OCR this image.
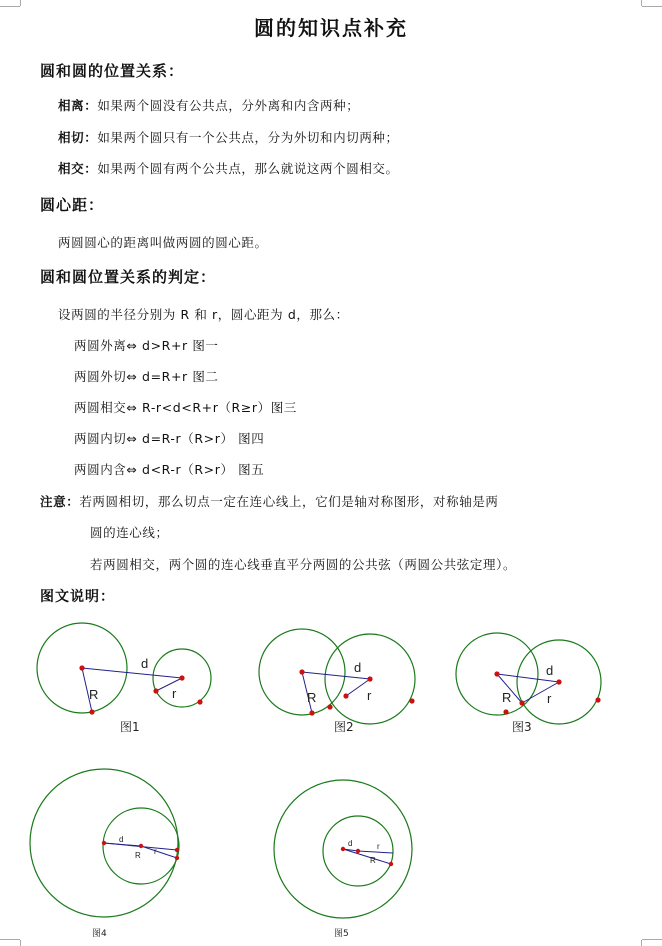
圆的知识点补充
圆和圆的位置关系：
相离：如果两个圆没有公共点，分外离和内含两种；
相切：如果两个圆只有一个公共点，分为外切和内切两种；
相交：如果两个圆有两个公共点，那么就说这两个圆相交。
圆心距：
两圆圆心的距离叫做两圆的圆心距。
圆和圆位置关系的判定：
设两圆的半径分别为 R 和 r，圆心距为 d，那么：
两圆外离⇔ d>R+r 图一
两圆外切⇔ d=R+r 图二
两圆相交⇔ R-r<d<R+r（R≥r）图三
两圆内切⇔ d=R-r（R>r） 图四
两圆内含⇔ d<R-r（R>r） 图五
注意：若两圆相切，那么切点一定在连心线上，它们是轴对称图形，对称轴是两
圆的连心线；
若两圆相交，两个圆的连心线垂直平分两圆的公共弦（两圆公共弦定理）。
图文说明：
d
R	r
图1
d
R	r
图2
d
R	r
图3
d
R r
图4
d	r
R
图5
